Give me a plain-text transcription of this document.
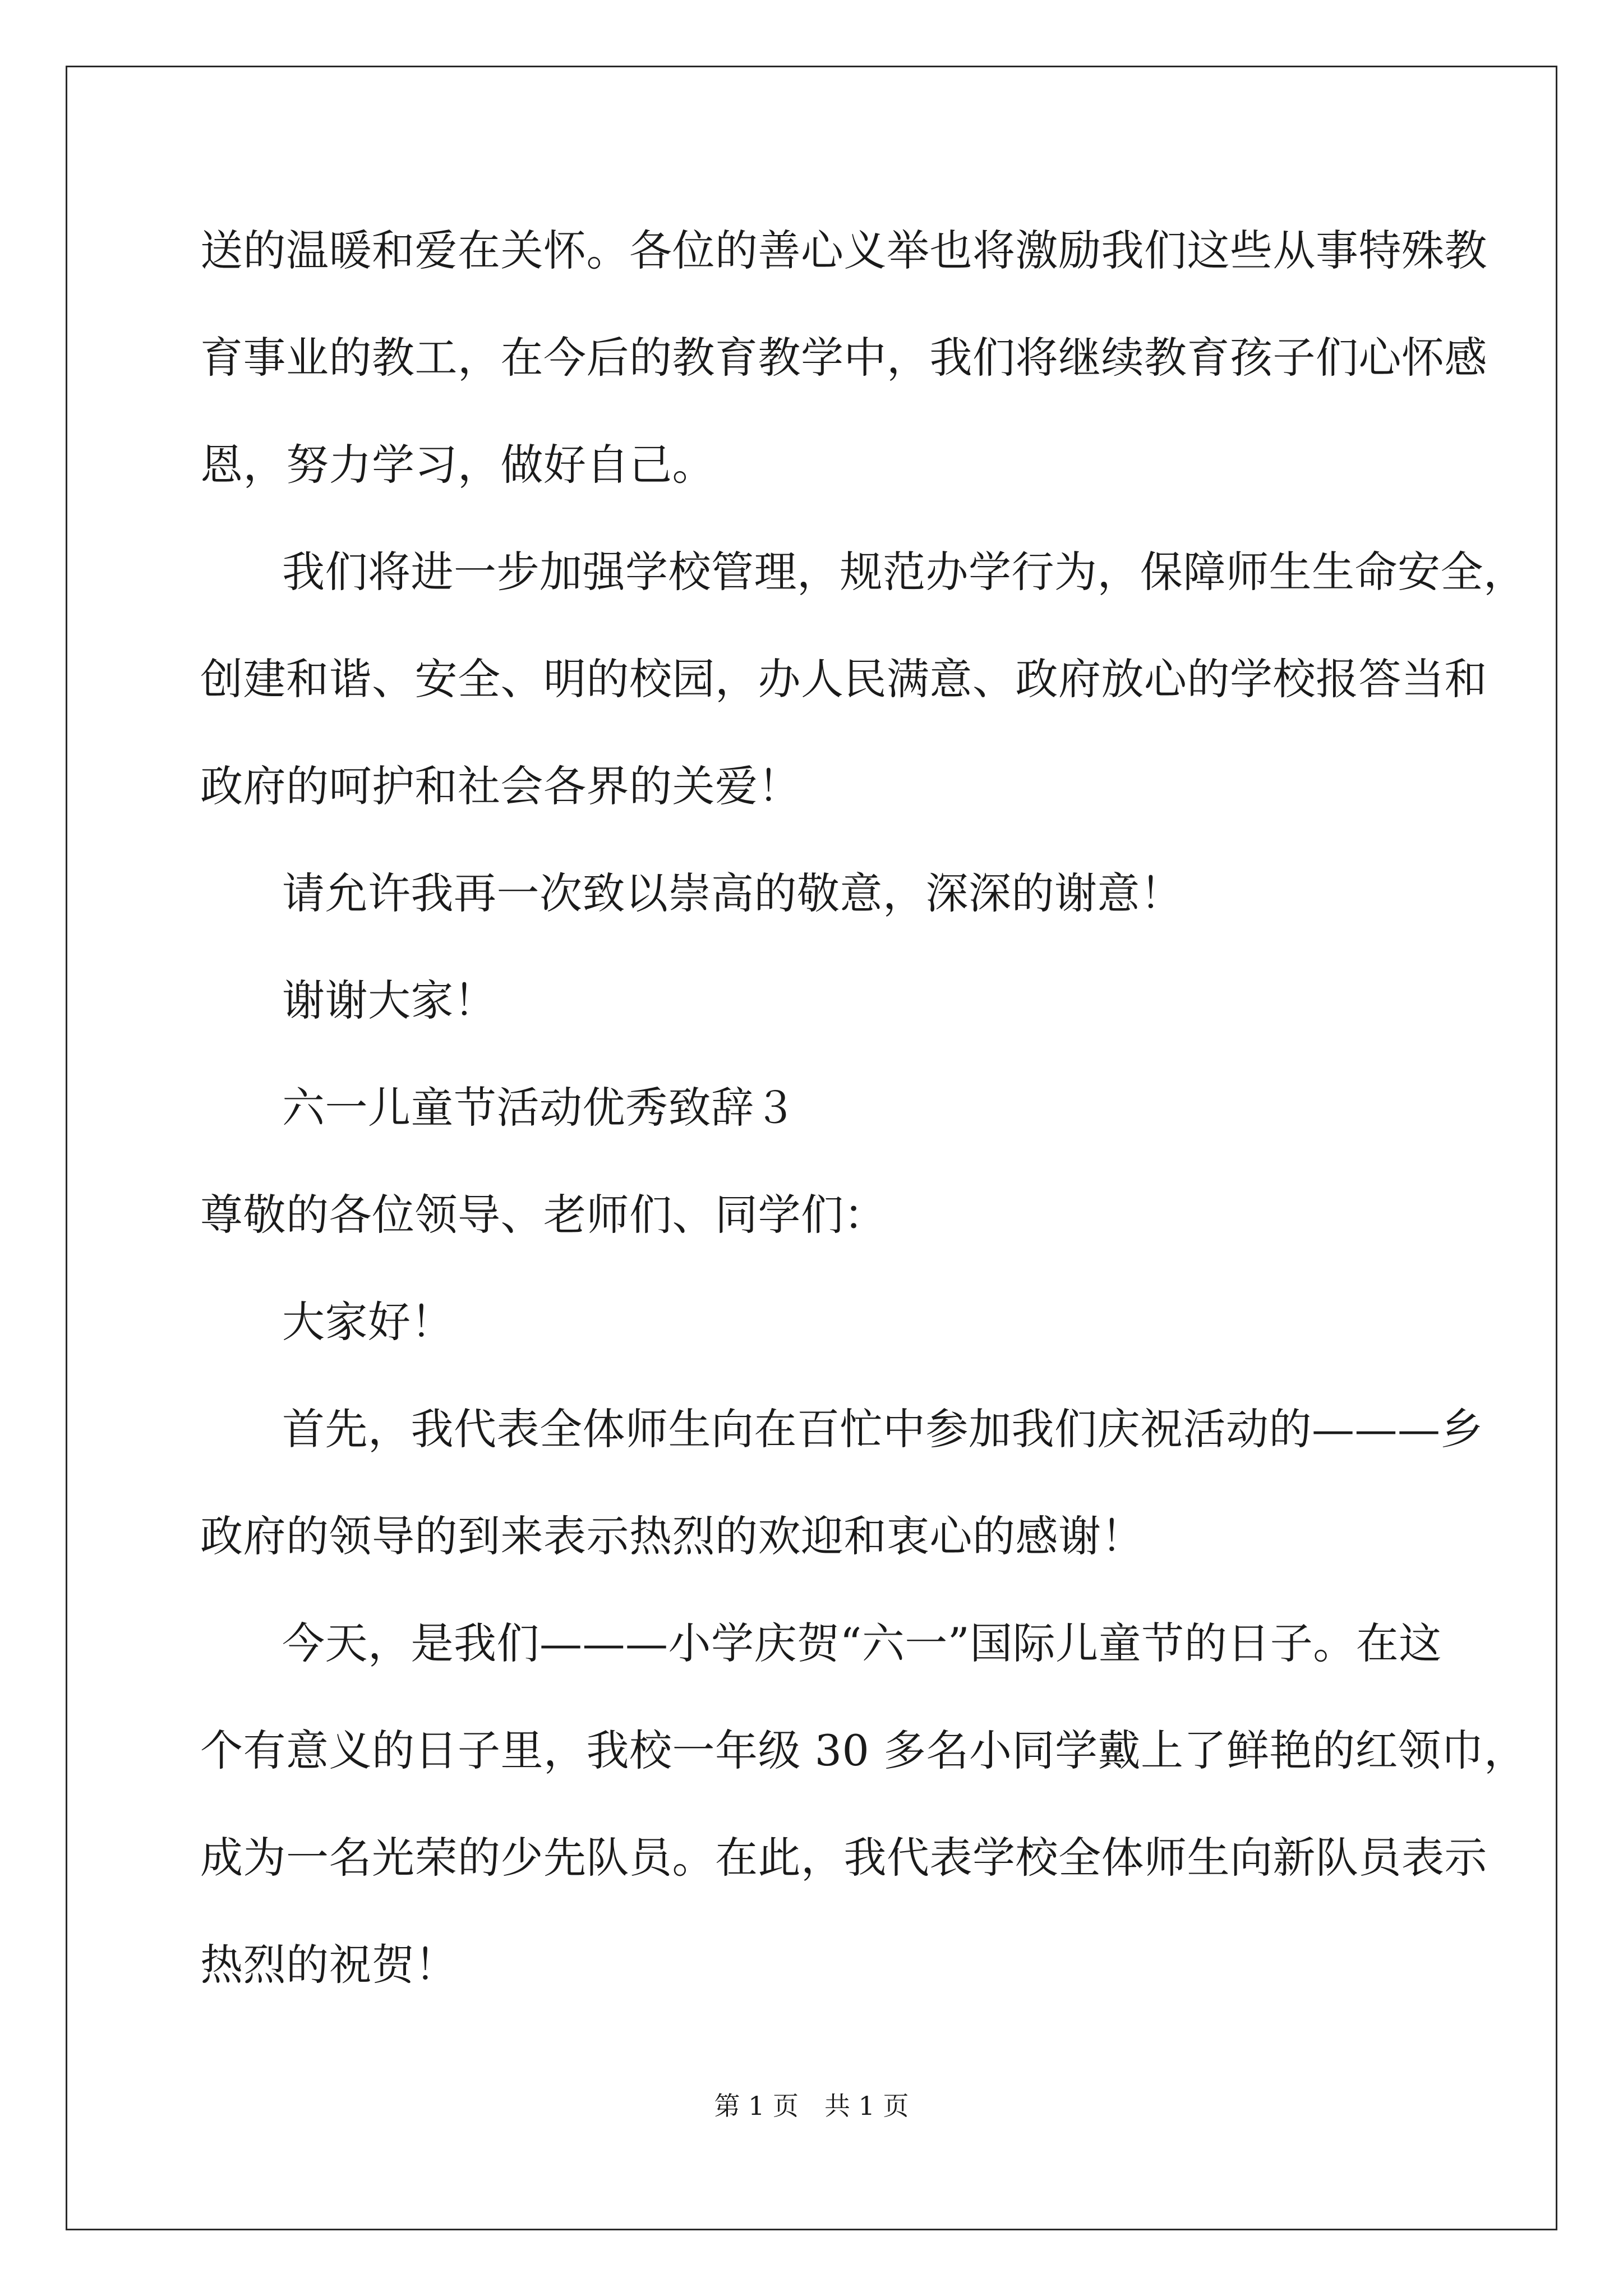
送的温暖和爱在关怀。各位的善心义举也将激励我们这些从事特殊教
育事业的教工，在今后的教育教学中，我们将继续教育孩子们心怀感
恩，努力学习，做好自己。
我们将进一步加强学校管理，规范办学行为，保障师生生命安全，
创建和谐、安全、明的校园，办人民满意、政府放心的学校报答当和
政府的呵护和社会各界的关爱！
请允许我再一次致以崇高的敬意，深深的谢意！
谢谢大家！
六一儿童节活动优秀致辞３
尊敬的各位领导、老师们、同学们：
大家好！
首先，我代表全体师生向在百忙中参加我们庆祝活动的———乡
政府的领导的到来表示热烈的欢迎和衷心的感谢！
今天，是我们———小学庆贺“六一”国际儿童节的日子。在这
个有意义的日子里，我校一年级 30 多名小同学戴上了鲜艳的红领巾，
成为一名光荣的少先队员。在此，我代表学校全体师生向新队员表示
热烈的祝贺！
第 1 页　共 1 页
